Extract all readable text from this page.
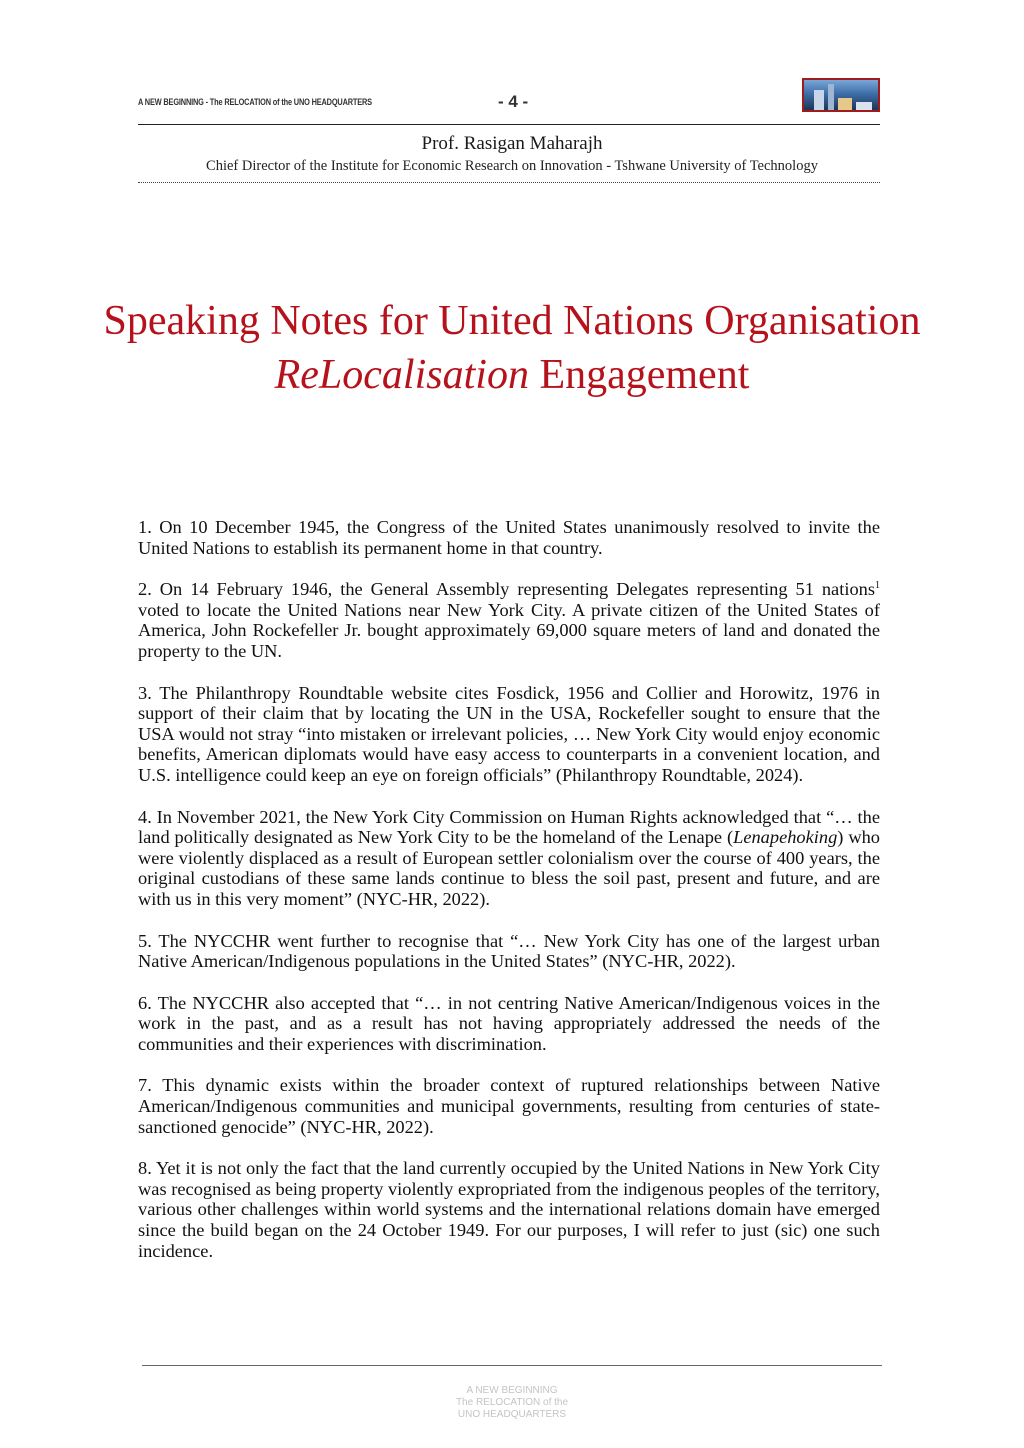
A NEW BEGINNING - The RELOCATION of the UNO HEADQUARTERS	- 4 -
Prof. Rasigan Maharajh
Chief Director of the Institute for Economic Research on Innovation - Tshwane University of Technology
Speaking Notes for United Nations Organisation
ReLocalisation Engagement

1. On 10 December 1945, the Congress of the United States unanimously resolved to invite the United Nations to establish its permanent home in that country.

2. On 14 February 1946, the General Assembly representing Delegates representing 51 nations$^1$ voted to locate the United Nations near New York City. A private citizen of the United States of America, John Rockefeller Jr. bought approximately 69,000 square meters of land and donated the property to the UN.

3. The Philanthropy Roundtable website cites Fosdick, 1956 and Collier and Horowitz, 1976 in support of their claim that by locating the UN in the USA, Rockefeller sought to ensure that the USA would not stray “into mistaken or irrelevant policies, … New York City would enjoy economic benefits, American diplomats would have easy access to counterparts in a convenient location, and U.S. intelligence could keep an eye on foreign officials” (Philanthropy Roundtable, 2024).

4. In November 2021, the New York City Commission on Human Rights acknowledged that “… the land politically designated as New York City to be the homeland of the Lenape (Lenapehoking) who were violently displaced as a result of European settler colonialism over the course of 400 years, the original custodians of these same lands continue to bless the soil past, present and future, and are with us in this very moment” (NYC-HR, 2022).

5. The NYCCHR went further to recognise that “… New York City has one of the largest urban Native American/Indigenous populations in the United States” (NYC-HR, 2022).

6. The NYCCHR also accepted that “… in not centring Native American/Indigenous voices in the work in the past, and as a result has not having appropriately addressed the needs of the communities and their experiences with discrimination.

7. This dynamic exists within the broader context of ruptured relationships between Native American/Indigenous communities and municipal governments, resulting from centuries of state-sanctioned genocide” (NYC-HR, 2022).

8. Yet it is not only the fact that the land currently occupied by the United Nations in New York City was recognised as being property violently expropriated from the indigenous peoples of the territory, various other challenges within world systems and the international relations domain have emerged since the build began on the 24 October 1949. For our purposes, I will refer to just (sic) one such incidence.

A NEW BEGINNING
The RELOCATION of the
UNO HEADQUARTERS
